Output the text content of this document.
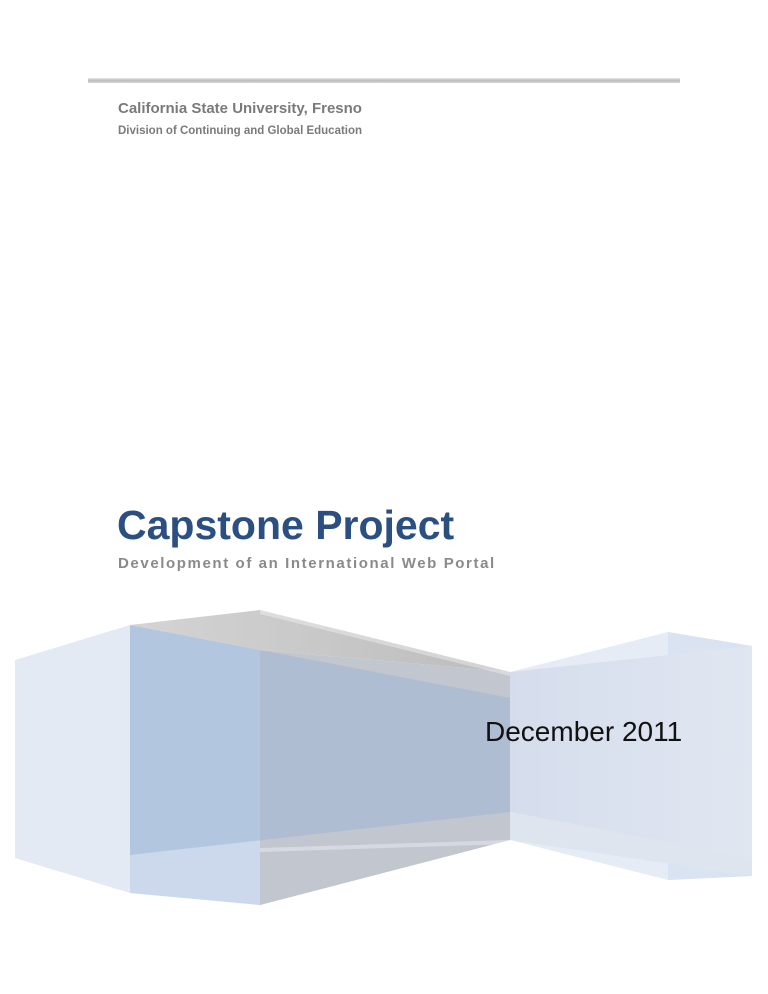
California State University, Fresno
Division of Continuing and Global Education
Capstone Project
Development of an International Web Portal
December 2011
